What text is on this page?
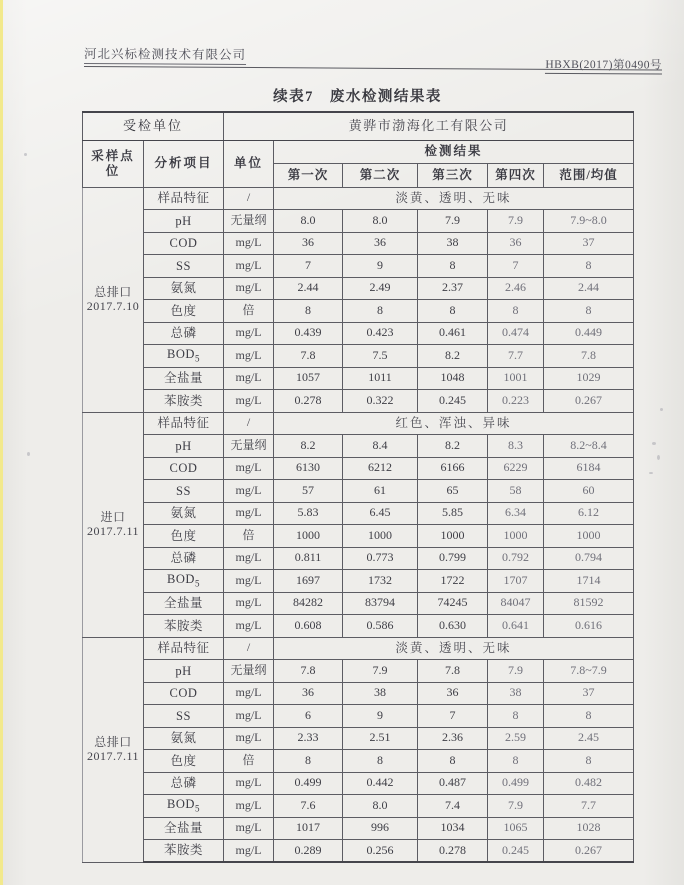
河北兴标检测技术有限公司
HBXB(2017)第0490号
续表7　废水检测结果表
受检单位		黄骅市渤海化工有限公司					
采样点位	分析项目	单位	检测结果				
			第一次	第二次	第三次	第四次	范围/均值

总排口
2017.7.10	样品特征	/	淡黄、透明、无味				
	pH	无量纲	8.0	8.0	7.9	7.9	7.9~8.0
	COD	mg/L	36	36	38	36	37
	SS	mg/L	7	9	8	7	8
	氨氮	mg/L	2.44	2.49	2.37	2.46	2.44
	色度	倍	8	8	8	8	8
	总磷	mg/L	0.439	0.423	0.461	0.474	0.449
	$BOD_5$	mg/L	7.8	7.5	8.2	7.7	7.8
	全盐量	mg/L	1057	1011	1048	1001	1029
	苯胺类	mg/L	0.278	0.322	0.245	0.223	0.267

进口
2017.7.11	样品特征	/	红色、浑浊、异味				
	pH	无量纲	8.2	8.4	8.2	8.3	8.2~8.4
	COD	mg/L	6130	6212	6166	6229	6184
	SS	mg/L	57	61	65	58	60
	氨氮	mg/L	5.83	6.45	5.85	6.34	6.12
	色度	倍	1000	1000	1000	1000	1000
	总磷	mg/L	0.811	0.773	0.799	0.792	0.794
	$BOD_5$	mg/L	1697	1732	1722	1707	1714
	全盐量	mg/L	84282	83794	74245	84047	81592
	苯胺类	mg/L	0.608	0.586	0.630	0.641	0.616

总排口
2017.7.11	样品特征	/	淡黄、透明、无味				
	pH	无量纲	7.8	7.9	7.8	7.9	7.8~7.9
	COD	mg/L	36	38	36	38	37
	SS	mg/L	6	9	7	8	8
	氨氮	mg/L	2.33	2.51	2.36	2.59	2.45
	色度	倍	8	8	8	8	8
	总磷	mg/L	0.499	0.442	0.487	0.499	0.482
	$BOD_5$	mg/L	7.6	8.0	7.4	7.9	7.7
	全盐量	mg/L	1017	996	1034	1065	1028
	苯胺类	mg/L	0.289	0.256	0.278	0.245	0.267
